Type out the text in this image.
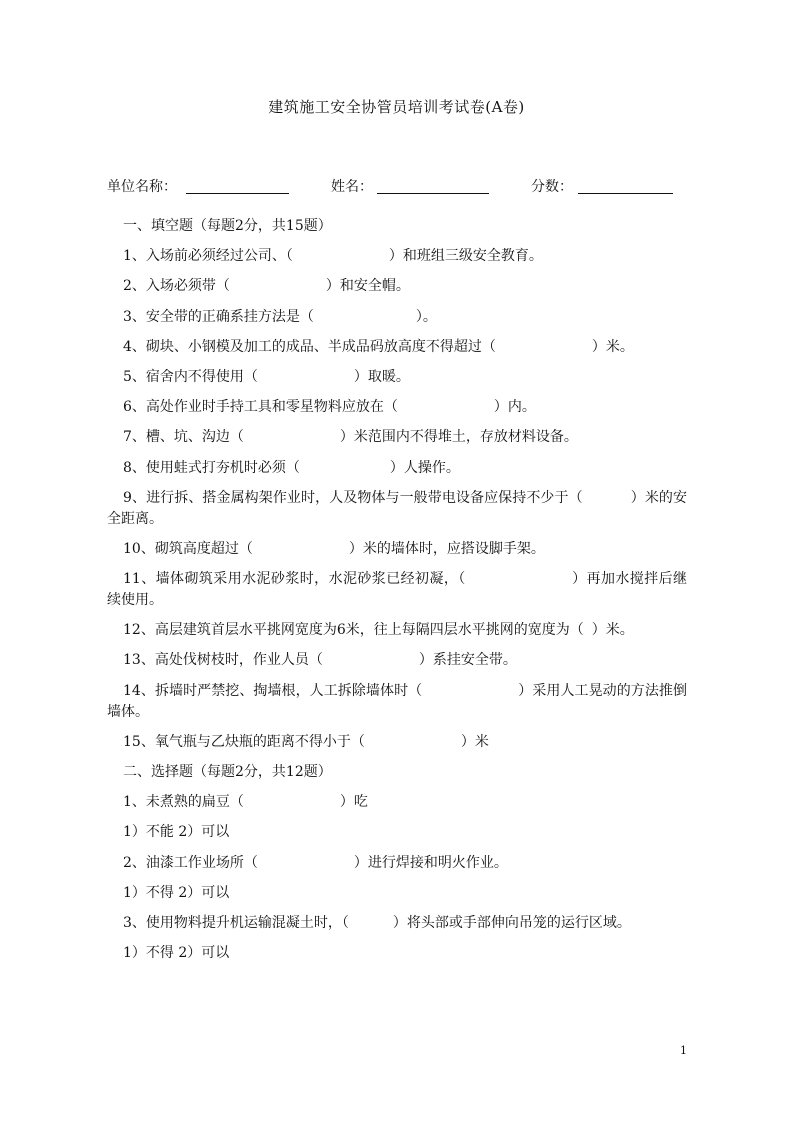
建筑施工安全协管员培训考试卷(A卷)
单位名称：	姓名：	分数：
一、填空题（每题2分，共15题）
1、入场前必须经过公司、（	）和班组三级安全教育。
2、入场必须带（	）和安全帽。
3、安全带的正确系挂方法是（	）。
4、砌块、小钢模及加工的成品、半成品码放高度不得超过（	）米。
5、宿舍内不得使用（	）取暖。
6、高处作业时手持工具和零星物料应放在（	）内。
7、槽、坑、沟边（	）米范围内不得堆土，存放材料设备。
8、使用蛙式打夯机时必须（	）人操作。
9、进行拆、搭金属构架作业时，人及物体与一般带电设备应保持不少于（	）米的安全距离。
10、砌筑高度超过（	）米的墙体时，应搭设脚手架。
11、墙体砌筑采用水泥砂浆时，水泥砂浆已经初凝，（	）再加水搅拌后继续使用。
12、高层建筑首层水平挑网宽度为6米，往上每隔四层水平挑网的宽度为（ ）米。
13、高处伐树枝时，作业人员（	）系挂安全带。
14、拆墙时严禁挖、掏墙根，人工拆除墙体时（	）采用人工晃动的方法推倒墙体。
15、氧气瓶与乙炔瓶的距离不得小于（	）米
二、选择题（每题2分，共12题）
1、未煮熟的扁豆（	）吃
1）不能 2）可以
2、油漆工作业场所（	）进行焊接和明火作业。
1）不得 2）可以
3、使用物料提升机运输混凝土时，（	）将头部或手部伸向吊笼的运行区域。
1）不得 2）可以
1
